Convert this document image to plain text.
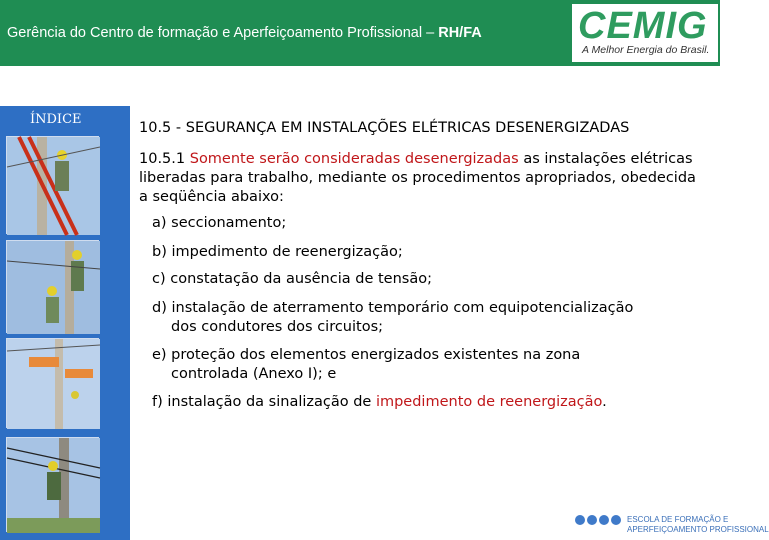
Gerência do Centro de formação e Aperfeiçoamento Profissional – RH/FA	CEMIG
A Melhor Energia do Brasil.
ÍNDICE
10.5 - SEGURANÇA EM INSTALAÇÕES ELÉTRICAS DESENERGIZADAS
10.5.1 Somente serão consideradas desenergizadas as instalações elétricas liberadas para trabalho, mediante os procedimentos apropriados, obedecida a seqüência abaixo:
a) seccionamento;
b) impedimento de reenergização;
c) constatação da ausência de tensão;
d) instalação de aterramento temporário com equipotencialização
dos condutores dos circuitos;
e) proteção dos elementos energizados existentes na zona
controlada (Anexo I); e
f) instalação da sinalização de impedimento de reenergização.
ESCOLA DE FORMAÇÃO E
APERFEIÇOAMENTO PROFISSIONAL
